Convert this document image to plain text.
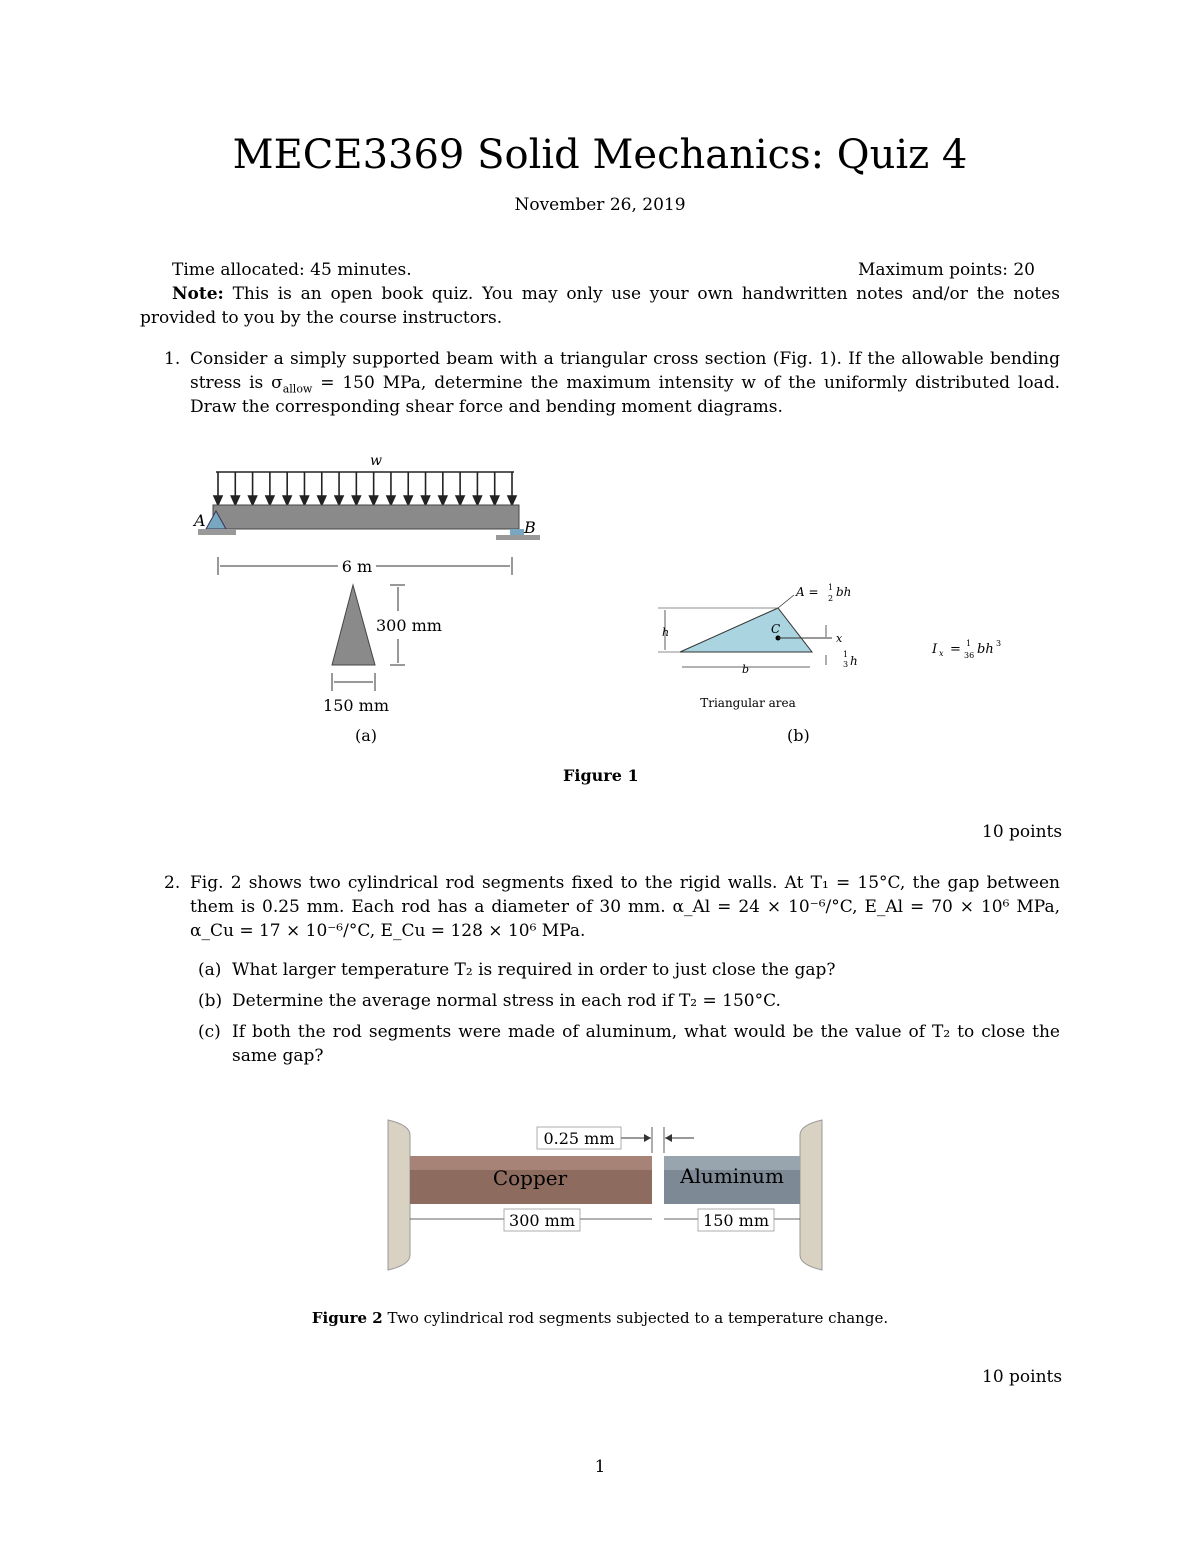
MECE3369 Solid Mechanics: Quiz 4
November 26, 2019
Time allocated: 45 minutes.	Maximum points: 20
Note: This is an open book quiz. You may only use your own handwritten notes and/or the notes
provided to you by the course instructors.
1. Consider a simply supported beam with a triangular cross section (Fig. 1). If the allowable bending
stress is $\sigma_{allow} = 150$ MPa, determine the maximum intensity w of the uniformly distributed load.
Draw the corresponding shear force and bending moment diagrams.
w
A	B
6 m
300 mm
150 mm
(a)
C
x
h
b
A = 1
2 bh
1
3 h
Triangular area
I x = 1
36 bh 3
(b)
Figure 1
10 points
2. Fig. 2 shows two cylindrical rod segments fixed to the rigid walls. At T₁ = 15°C, the gap between
them is 0.25 mm. Each rod has a diameter of 30 mm. α_Al = 24 × 10⁻⁶/°C, E_Al = 70 × 10⁶ MPa,
α_Cu = 17 × 10⁻⁶/°C, E_Cu = 128 × 10⁶ MPa.
(a) What larger temperature T₂ is required in order to just close the gap?
(b) Determine the average normal stress in each rod if T₂ = 150°C.
(c) If both the rod segments were made of aluminum, what would be the value of T₂ to close the
same gap?
Copper	Aluminum
0.25 mm
300 mm	150 mm
Figure 2 Two cylindrical rod segments subjected to a temperature change.
10 points
1
